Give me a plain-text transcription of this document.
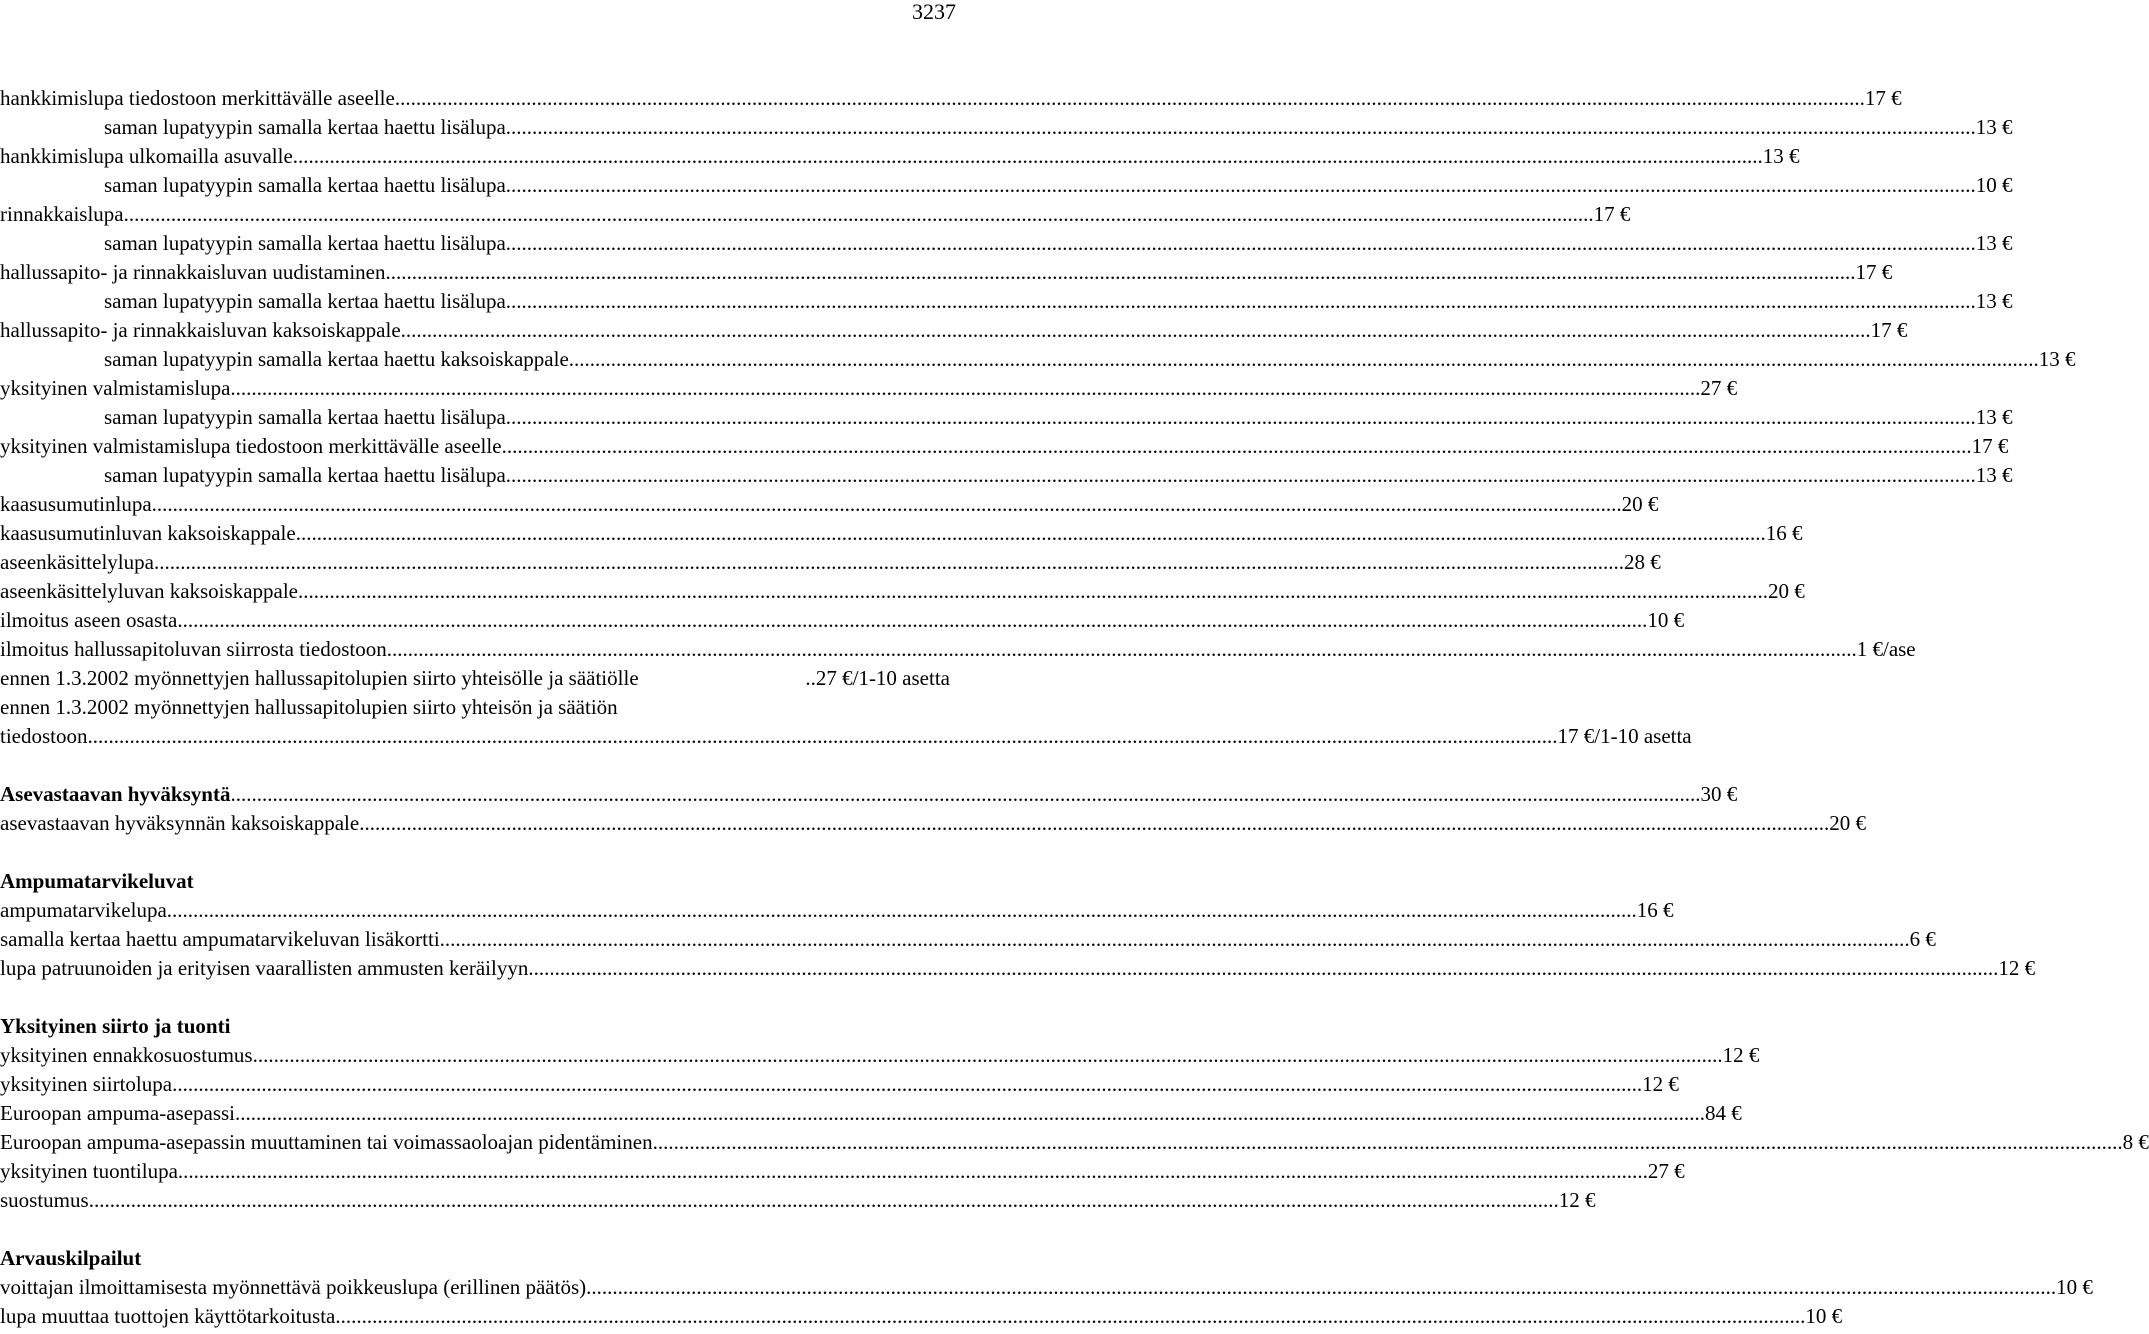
3237
hankkimislupa tiedostoon merkittävälle aseelle ........................................................................................................................................................................................................................................................................................ 17 €
saman lupatyypin samalla kertaa haettu lisälupa ........................................................................................................................................................................................................................................................................................ 13 €
hankkimislupa ulkomailla asuvalle ........................................................................................................................................................................................................................................................................................ 13 €
saman lupatyypin samalla kertaa haettu lisälupa ........................................................................................................................................................................................................................................................................................ 10 €
rinnakkaislupa ........................................................................................................................................................................................................................................................................................ 17 €
saman lupatyypin samalla kertaa haettu lisälupa ........................................................................................................................................................................................................................................................................................ 13 €
hallussapito- ja rinnakkaisluvan uudistaminen ........................................................................................................................................................................................................................................................................................ 17 €
saman lupatyypin samalla kertaa haettu lisälupa ........................................................................................................................................................................................................................................................................................ 13 €
hallussapito- ja rinnakkaisluvan kaksoiskappale ........................................................................................................................................................................................................................................................................................ 17 €
saman lupatyypin samalla kertaa haettu kaksoiskappale ........................................................................................................................................................................................................................................................................................ 13 €
yksityinen valmistamislupa ........................................................................................................................................................................................................................................................................................ 27 €
saman lupatyypin samalla kertaa haettu lisälupa ........................................................................................................................................................................................................................................................................................ 13 €
yksityinen valmistamislupa tiedostoon merkittävälle aseelle ........................................................................................................................................................................................................................................................................................ 17 €
saman lupatyypin samalla kertaa haettu lisälupa ........................................................................................................................................................................................................................................................................................ 13 €
kaasusumutinlupa ........................................................................................................................................................................................................................................................................................ 20 €
kaasusumutinluvan kaksoiskappale ........................................................................................................................................................................................................................................................................................ 16 €
aseenkäsittelylupa ........................................................................................................................................................................................................................................................................................ 28 €
aseenkäsittelyluvan kaksoiskappale ........................................................................................................................................................................................................................................................................................ 20 €
ilmoitus aseen osasta ........................................................................................................................................................................................................................................................................................ 10 €
ilmoitus hallussapitoluvan siirrosta tiedostoon ........................................................................................................................................................................................................................................................................................ 1 €/ase
ennen 1.3.2002 myönnettyjen hallussapitolupien siirto yhteisölle ja säätiölle	..27 €/1-10 asetta
ennen 1.3.2002 myönnettyjen hallussapitolupien siirto yhteisön ja säätiön
tiedostoon ........................................................................................................................................................................................................................................................................................ 17 €/1-10 asetta
Asevastaavan hyväksyntä ........................................................................................................................................................................................................................................................................................ 30 €
asevastaavan hyväksynnän kaksoiskappale ........................................................................................................................................................................................................................................................................................ 20 €
Ampumatarvikeluvat
ampumatarvikelupa ........................................................................................................................................................................................................................................................................................ 16 €
samalla kertaa haettu ampumatarvikeluvan lisäkortti ........................................................................................................................................................................................................................................................................................ 6 €
lupa patruunoiden ja erityisen vaarallisten ammusten keräilyyn ........................................................................................................................................................................................................................................................................................ 12 €
Yksityinen siirto ja tuonti
yksityinen ennakkosuostumus ........................................................................................................................................................................................................................................................................................ 12 €
yksityinen siirtolupa ........................................................................................................................................................................................................................................................................................ 12 €
Euroopan ampuma-asepassi ........................................................................................................................................................................................................................................................................................ 84 €
Euroopan ampuma-asepassin muuttaminen tai voimassaoloajan pidentäminen ........................................................................................................................................................................................................................................................................................ 8 €
yksityinen tuontilupa ........................................................................................................................................................................................................................................................................................ 27 €
suostumus ........................................................................................................................................................................................................................................................................................ 12 €
Arvauskilpailut
voittajan ilmoittamisesta myönnettävä poikkeuslupa (erillinen päätös) ........................................................................................................................................................................................................................................................................................ 10 €
lupa muuttaa tuottojen käyttötarkoitusta ........................................................................................................................................................................................................................................................................................ 10 €
